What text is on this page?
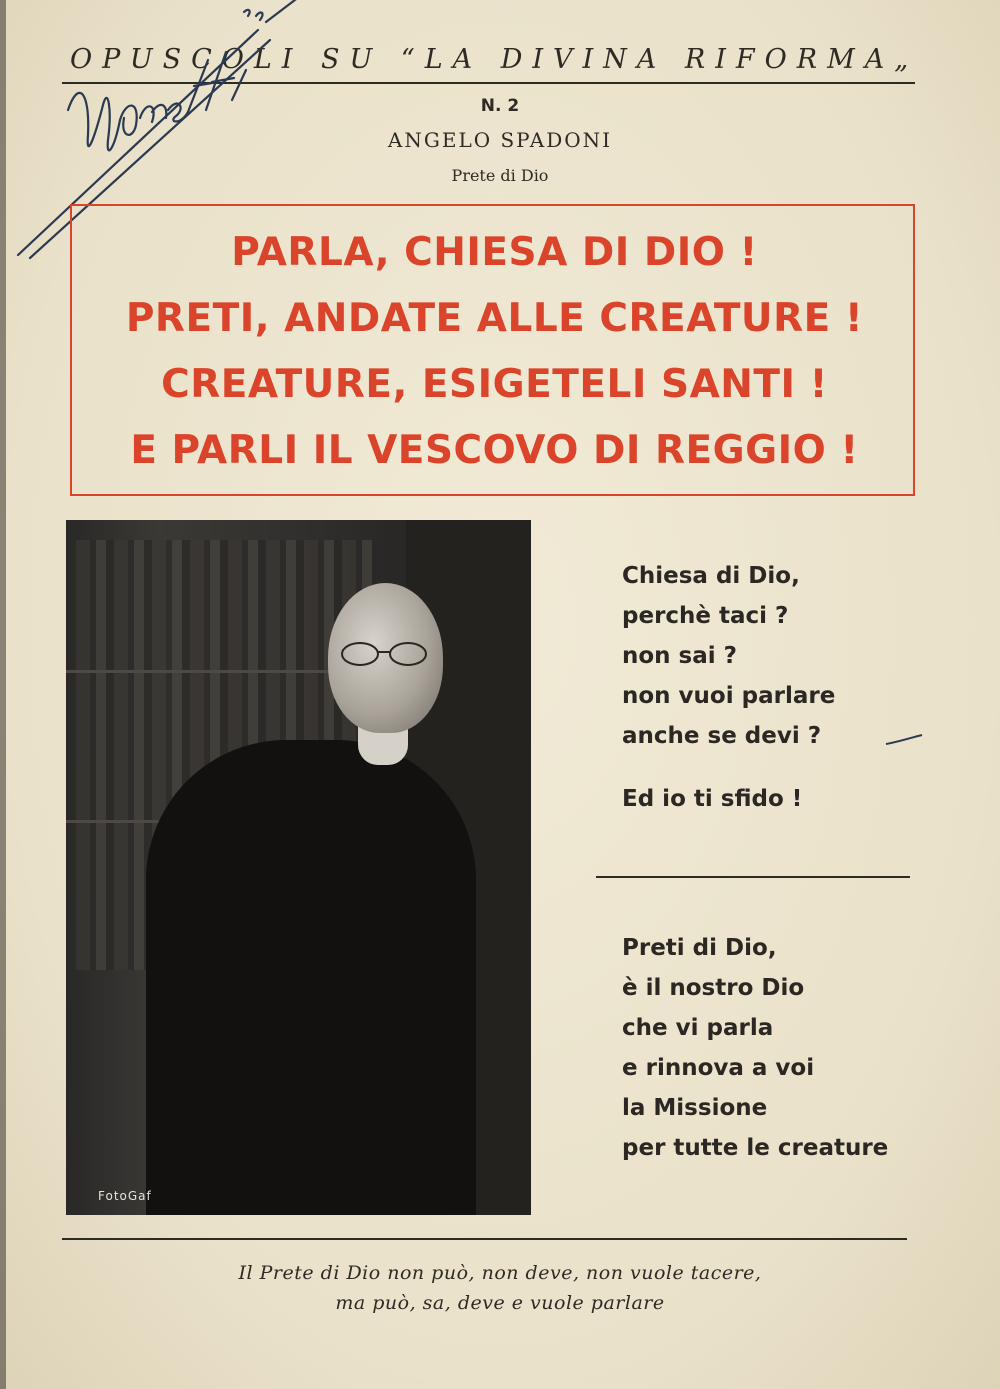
OPUSCOLI SU “LA DIVINA RIFORMA„
N. 2
ANGELO SPADONI
Prete di Dio
PARLA, CHIESA DI DIO !
PRETI, ANDATE ALLE CREATURE !
CREATURE, ESIGETELI SANTI !
E PARLI IL VESCOVO DI REGGIO !
FotoGaf
Chiesa di Dio,
perchè taci ?
non sai ?
non vuoi parlare
anche se devi ?
Ed io ti sfido !
Preti di Dio,
è il nostro Dio
che vi parla
e rinnova a voi
la Missione
per tutte le creature
Il Prete di Dio non può, non deve, non vuole tacere,
ma può, sa, deve e vuole parlare
